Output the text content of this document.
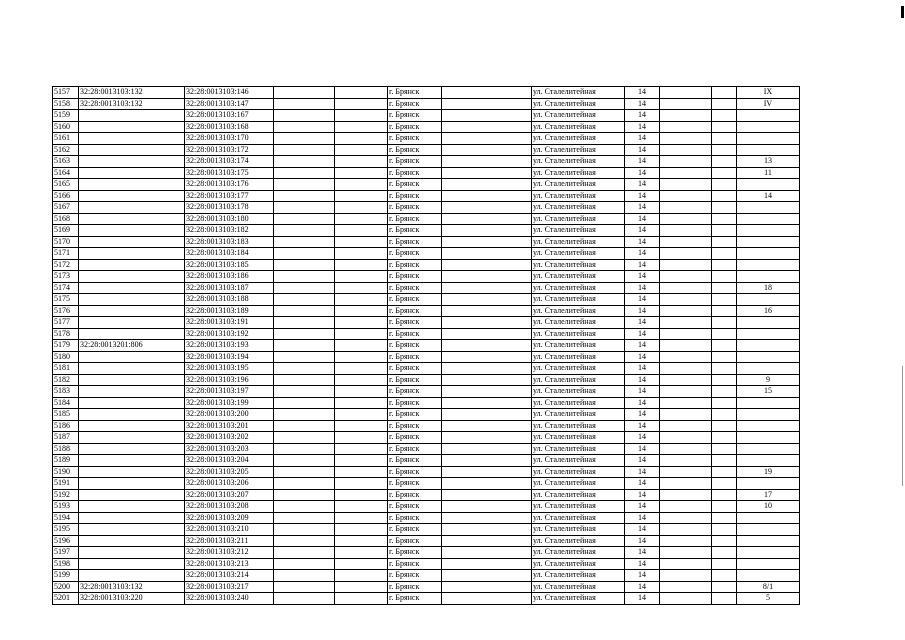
5157	32:28:0013103:132	32:28:0013103:146			г. Брянск		ул. Сталелитейная	14			IX
5158	32:28:0013103:132	32:28:0013103:147			г. Брянск		ул. Сталелитейная	14			IV
5159		32:28:0013103:167			г. Брянск		ул. Сталелитейная	14			
5160		32:28:0013103:168			г. Брянск		ул. Сталелитейная	14			
5161		32:28:0013103:170			г. Брянск		ул. Сталелитейная	14			
5162		32:28:0013103:172			г. Брянск		ул. Сталелитейная	14			
5163		32:28:0013103:174			г. Брянск		ул. Сталелитейная	14			13
5164		32:28:0013103:175			г. Брянск		ул. Сталелитейная	14			11
5165		32:28:0013103:176			г. Брянск		ул. Сталелитейная	14			
5166		32:28:0013103:177			г. Брянск		ул. Сталелитейная	14			14
5167		32:28:0013103:178			г. Брянск		ул. Сталелитейная	14			
5168		32:28:0013103:180			г. Брянск		ул. Сталелитейная	14			
5169		32:28:0013103:182			г. Брянск		ул. Сталелитейная	14			
5170		32:28:0013103:183			г. Брянск		ул. Сталелитейная	14			
5171		32:28:0013103:184			г. Брянск		ул. Сталелитейная	14			
5172		32:28:0013103:185			г. Брянск		ул. Сталелитейная	14			
5173		32:28:0013103:186			г. Брянск		ул. Сталелитейная	14			
5174		32:28:0013103:187			г. Брянск		ул. Сталелитейная	14			18
5175		32:28:0013103:188			г. Брянск		ул. Сталелитейная	14			
5176		32:28:0013103:189			г. Брянск		ул. Сталелитейная	14			16
5177		32:28:0013103:191			г. Брянск		ул. Сталелитейная	14			
5178		32:28:0013103:192			г. Брянск		ул. Сталелитейная	14			
5179	32:28:0013201:806	32:28:0013103:193			г. Брянск		ул. Сталелитейная	14			
5180		32:28:0013103:194			г. Брянск		ул. Сталелитейная	14			
5181		32:28:0013103:195			г. Брянск		ул. Сталелитейная	14			
5182		32:28:0013103:196			г. Брянск		ул. Сталелитейная	14			9
5183		32:28:0013103:197			г. Брянск		ул. Сталелитейная	14			15
5184		32:28:0013103:199			г. Брянск		ул. Сталелитейная	14			
5185		32:28:0013103:200			г. Брянск		ул. Сталелитейная	14			
5186		32:28:0013103:201			г. Брянск		ул. Сталелитейная	14			
5187		32:28:0013103:202			г. Брянск		ул. Сталелитейная	14			
5188		32:28:0013103:203			г. Брянск		ул. Сталелитейная	14			
5189		32:28:0013103:204			г. Брянск		ул. Сталелитейная	14			
5190		32:28:0013103:205			г. Брянск		ул. Сталелитейная	14			19
5191		32:28:0013103:206			г. Брянск		ул. Сталелитейная	14			
5192		32:28:0013103:207			г. Брянск		ул. Сталелитейная	14			17
5193		32:28:0013103:208			г. Брянск		ул. Сталелитейная	14			10
5194		32:28:0013103:209			г. Брянск		ул. Сталелитейная	14			
5195		32:28:0013103:210			г. Брянск		ул. Сталелитейная	14			
5196		32:28:0013103:211			г. Брянск		ул. Сталелитейная	14			
5197		32:28:0013103:212			г. Брянск		ул. Сталелитейная	14			
5198		32:28:0013103:213			г. Брянск		ул. Сталелитейная	14			
5199		32:28:0013103:214			г. Брянск		ул. Сталелитейная	14			
5200	32:28:0013103:132	32:28:0013103:217			г. Брянск		ул. Сталелитейная	14			8/1
5201	32:28:0013103:220	32:28:0013103:240			г. Брянск		ул. Сталелитейная	14			5
